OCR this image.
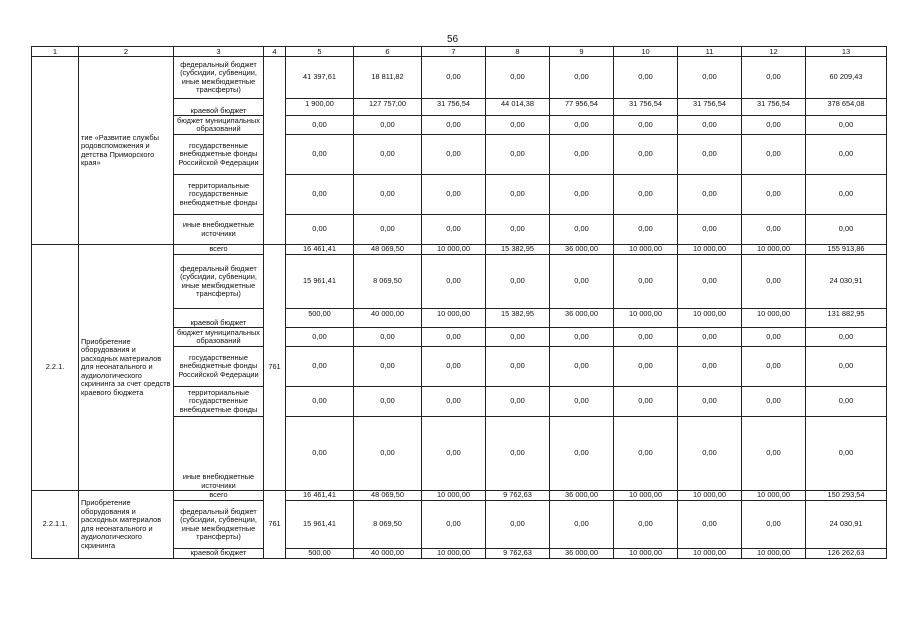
56
1	2	3	4	5	6	7	8	9	10	11	12	13
	тие «Развитие службы родовспоможения и детства Приморского края»	федеральный бюджет (субсидии, субвенции, иные межбюджетные трансферты)		41 397,61	18 811,82	0,00	0,00	0,00	0,00	0,00	0,00	60 209,43
		краевой бюджет		1 900,00	127 757,00	31 756,54	44 014,38	77 956,54	31 756,54	31 756,54	31 756,54	378 654,08
		бюджет муниципальных образований		0,00	0,00	0,00	0,00	0,00	0,00	0,00	0,00	0,00
		государственные внебюджетные фонды Российской Федерации		0,00	0,00	0,00	0,00	0,00	0,00	0,00	0,00	0,00
		территориальные государственные внебюджетные фонды		0,00	0,00	0,00	0,00	0,00	0,00	0,00	0,00	0,00
		иные внебюджетные источники		0,00	0,00	0,00	0,00	0,00	0,00	0,00	0,00	0,00
2.2.1.	Приобретение оборудования и расходных материалов для неонатального и аудиологического скрининга за счет средств краевого бюджета	всего	761	16 461,41	48 069,50	10 000,00	15 382,95	36 000,00	10 000,00	10 000,00	10 000,00	155 913,86
		федеральный бюджет (субсидии, субвенции, иные межбюджетные трансферты)		15 961,41	8 069,50	0,00	0,00	0,00	0,00	0,00	0,00	24 030,91
		краевой бюджет		500,00	40 000,00	10 000,00	15 382,95	36 000,00	10 000,00	10 000,00	10 000,00	131 882,95
		бюджет муниципальных образований		0,00	0,00	0,00	0,00	0,00	0,00	0,00	0,00	0,00
		государственные внебюджетные фонды Российской Федерации		0,00	0,00	0,00	0,00	0,00	0,00	0,00	0,00	0,00
		территориальные государственные внебюджетные фонды		0,00	0,00	0,00	0,00	0,00	0,00	0,00	0,00	0,00
		иные внебюджетные источники		0,00	0,00	0,00	0,00	0,00	0,00	0,00	0,00	0,00
2.2.1.1.	Приобретение оборудования и расходных материалов для неонатального и аудиологического скрининга	всего	761	16 461,41	48 069,50	10 000,00	9 762,63	36 000,00	10 000,00	10 000,00	10 000,00	150 293,54
		федеральный бюджет (субсидии, субвенции, иные межбюджетные трансферты)		15 961,41	8 069,50	0,00	0,00	0,00	0,00	0,00	0,00	24 030,91
		краевой бюджет		500,00	40 000,00	10 000,00	9 762,63	36 000,00	10 000,00	10 000,00	10 000,00	126 262,63
